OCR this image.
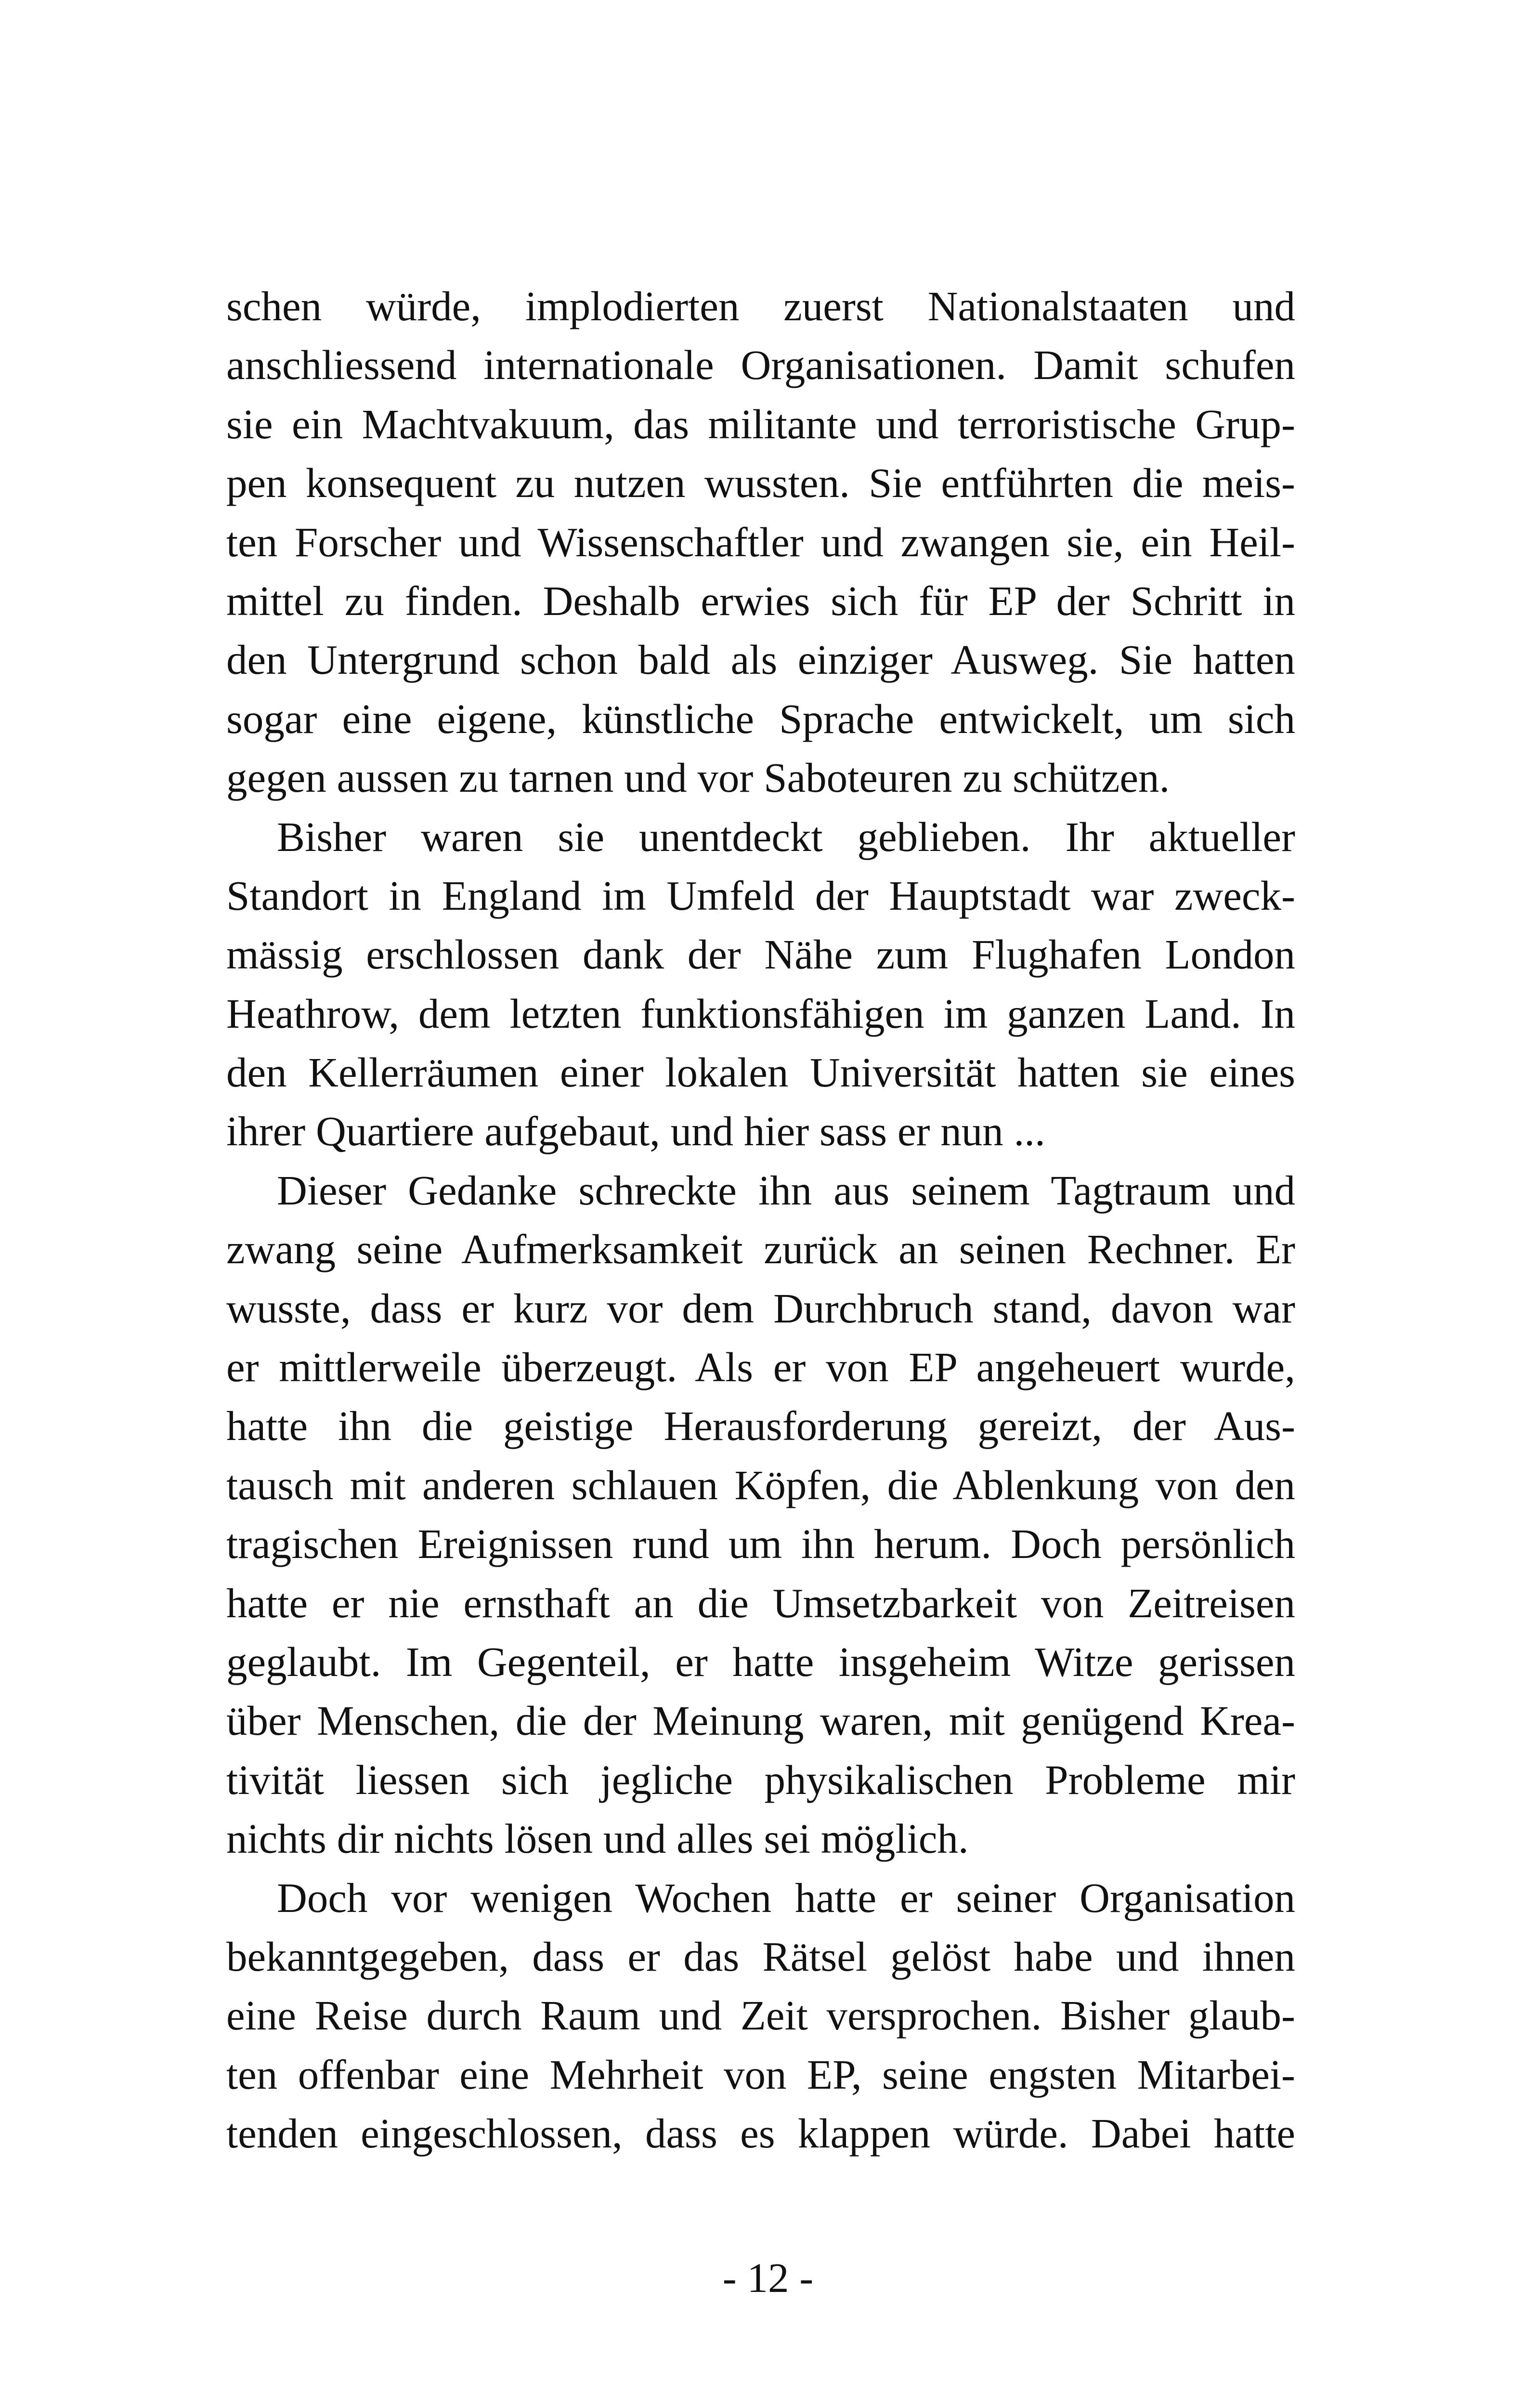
schen würde, implodierten zuerst Nationalstaaten und
anschliessend internationale Organisationen. Damit schufen
sie ein Machtvakuum, das militante und terroristische Grup-
pen konsequent zu nutzen wussten. Sie entführten die meis-
ten Forscher und Wissenschaftler und zwangen sie, ein Heil-
mittel zu finden. Deshalb erwies sich für EP der Schritt in
den Untergrund schon bald als einziger Ausweg. Sie hatten
sogar eine eigene, künstliche Sprache entwickelt, um sich
gegen aussen zu tarnen und vor Saboteuren zu schützen.
Bisher waren sie unentdeckt geblieben. Ihr aktueller
Standort in England im Umfeld der Hauptstadt war zweck-
mässig erschlossen dank der Nähe zum Flughafen London
Heathrow, dem letzten funktionsfähigen im ganzen Land. In
den Kellerräumen einer lokalen Universität hatten sie eines
ihrer Quartiere aufgebaut, und hier sass er nun ...
Dieser Gedanke schreckte ihn aus seinem Tagtraum und
zwang seine Aufmerksamkeit zurück an seinen Rechner. Er
wusste, dass er kurz vor dem Durchbruch stand, davon war
er mittlerweile überzeugt. Als er von EP angeheuert wurde,
hatte ihn die geistige Herausforderung gereizt, der Aus-
tausch mit anderen schlauen Köpfen, die Ablenkung von den
tragischen Ereignissen rund um ihn herum. Doch persönlich
hatte er nie ernsthaft an die Umsetzbarkeit von Zeitreisen
geglaubt. Im Gegenteil, er hatte insgeheim Witze gerissen
über Menschen, die der Meinung waren, mit genügend Krea-
tivität liessen sich jegliche physikalischen Probleme mir
nichts dir nichts lösen und alles sei möglich.
Doch vor wenigen Wochen hatte er seiner Organisation
bekanntgegeben, dass er das Rätsel gelöst habe und ihnen
eine Reise durch Raum und Zeit versprochen. Bisher glaub-
ten offenbar eine Mehrheit von EP, seine engsten Mitarbei-
tenden eingeschlossen, dass es klappen würde. Dabei hatte
- 12 -
